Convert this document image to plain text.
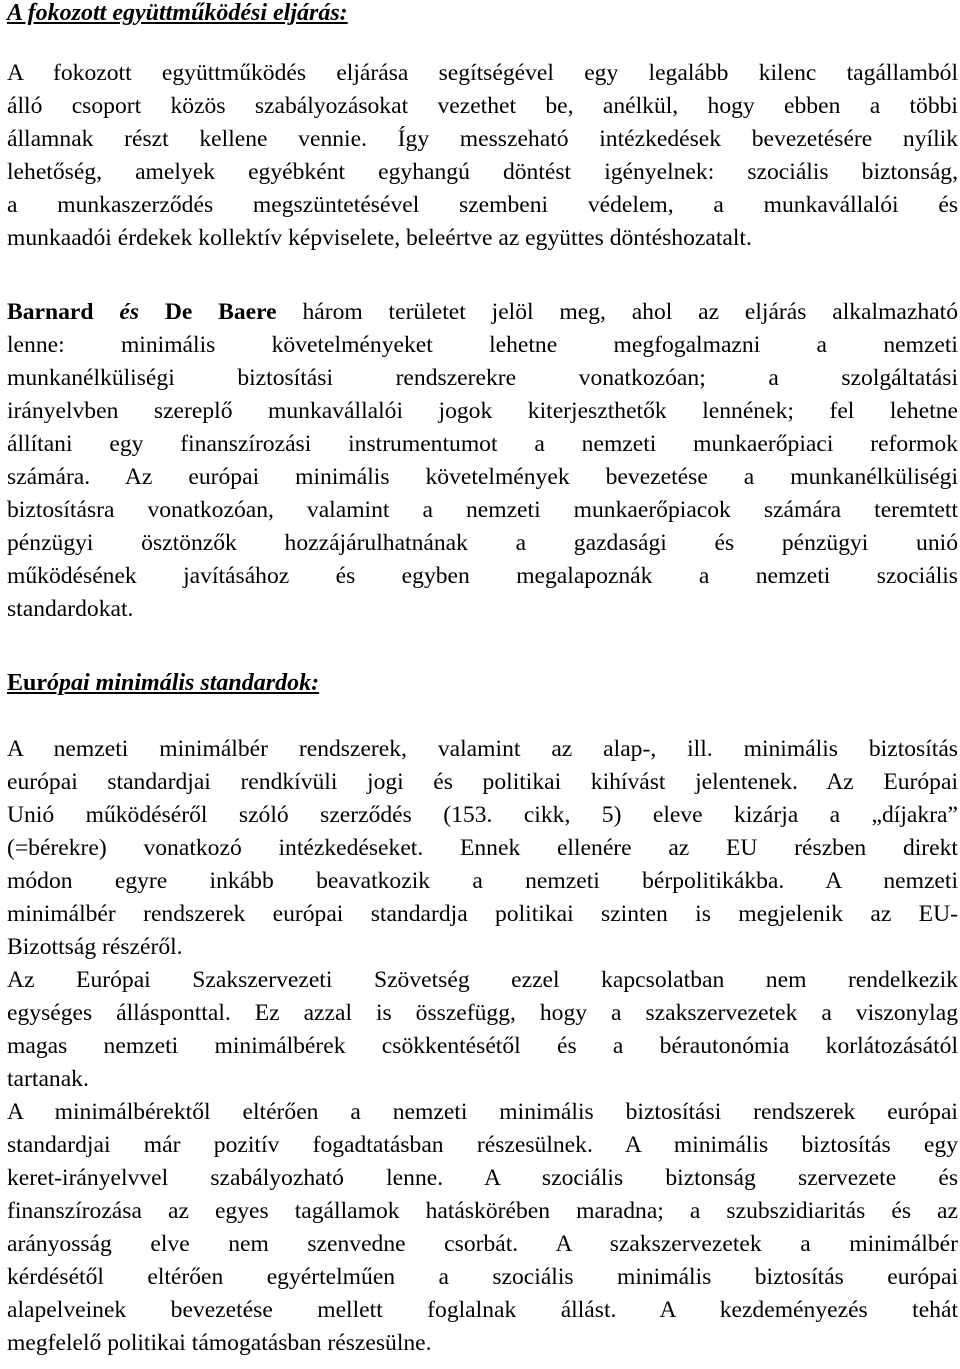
A fokozott együttműködési eljárás:
A fokozott együttműködés eljárása segítségével egy legalább kilenc tagállamból
álló csoport közös szabályozásokat vezethet be, anélkül, hogy ebben a többi
államnak részt kellene vennie. Így messzeható intézkedések bevezetésére nyílik
lehetőség, amelyek egyébként egyhangú döntést igényelnek: szociális biztonság,
a munkaszerződés megszüntetésével szembeni védelem, a munkavállalói és
munkaadói érdekek kollektív képviselete, beleértve az együttes döntéshozatalt.
Barnard és De Baere három területet jelöl meg, ahol az eljárás alkalmazható
lenne: minimális követelményeket lehetne megfogalmazni a nemzeti
munkanélküliségi biztosítási rendszerekre vonatkozóan; a szolgáltatási
irányelvben szereplő munkavállalói jogok kiterjeszthetők lennének; fel lehetne
állítani egy finanszírozási instrumentumot a nemzeti munkaerőpiaci reformok
számára. Az európai minimális követelmények bevezetése a munkanélküliségi
biztosításra vonatkozóan, valamint a nemzeti munkaerőpiacok számára teremtett
pénzügyi ösztönzők hozzájárulhatnának a gazdasági és pénzügyi unió
működésének javításához és egyben megalapoznák a nemzeti szociális
standardokat.
Európai minimális standardok:
A nemzeti minimálbér rendszerek, valamint az alap-, ill. minimális biztosítás
európai standardjai rendkívüli jogi és politikai kihívást jelentenek. Az Európai
Unió működéséről szóló szerződés (153. cikk, 5) eleve kizárja a „díjakra”
(=bérekre) vonatkozó intézkedéseket. Ennek ellenére az EU részben direkt
módon egyre inkább beavatkozik a nemzeti bérpolitikákba. A nemzeti
minimálbér rendszerek európai standardja politikai szinten is megjelenik az EU-
Bizottság részéről.
Az Európai Szakszervezeti Szövetség ezzel kapcsolatban nem rendelkezik
egységes állásponttal. Ez azzal is összefügg, hogy a szakszervezetek a viszonylag
magas nemzeti minimálbérek csökkentésétől és a bérautonómia korlátozásától
tartanak.
A minimálbérektől eltérően a nemzeti minimális biztosítási rendszerek európai
standardjai már pozitív fogadtatásban részesülnek. A minimális biztosítás egy
keret-irányelvvel szabályozható lenne. A szociális biztonság szervezete és
finanszírozása az egyes tagállamok hatáskörében maradna; a szubszidiaritás és az
arányosság elve nem szenvedne csorbát. A szakszervezetek a minimálbér
kérdésétől eltérően egyértelműen a szociális minimális biztosítás európai
alapelveinek bevezetése mellett foglalnak állást. A kezdeményezés tehát
megfelelő politikai támogatásban részesülne.
